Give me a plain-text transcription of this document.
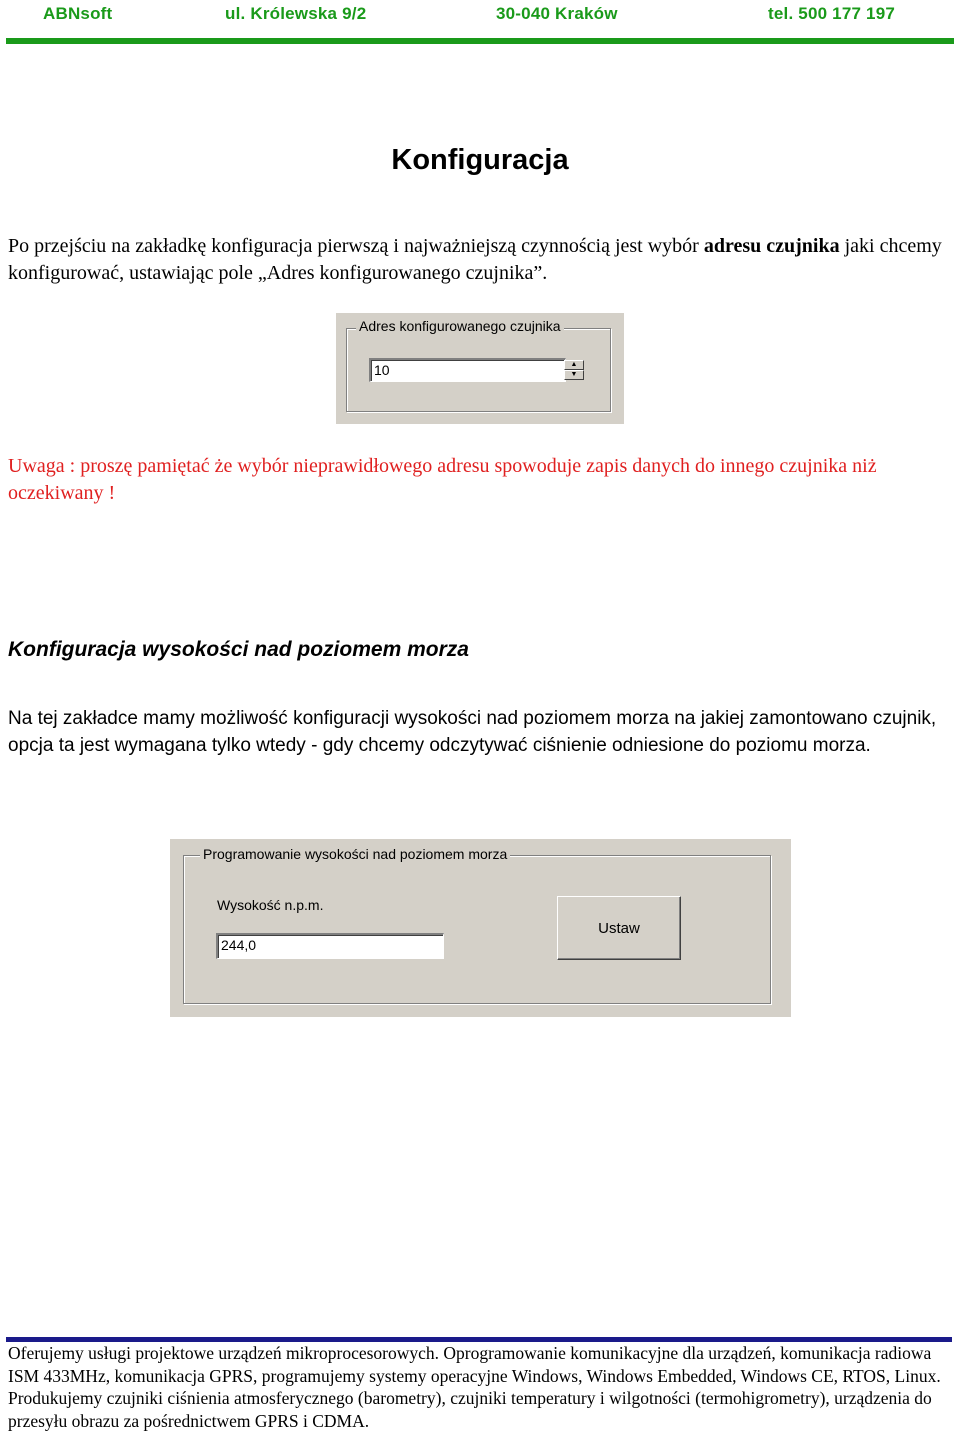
ABNsoft	ul. Królewska 9/2	30-040 Kraków	tel. 500 177 197
Konfiguracja

Po przejściu na zakładkę konfiguracja pierwszą i najważniejszą czynnością jest wybór adresu czujnika jaki chcemy konfigurować, ustawiając pole „Adres konfigurowanego czujnika”.

Adres konfigurowanego czujnika
10	▲
▼

Uwaga : proszę pamiętać że wybór nieprawidłowego adresu spowoduje zapis danych do innego czujnika niż oczekiwany !

Konfiguracja wysokości nad poziomem morza

Na tej zakładce mamy możliwość konfiguracji wysokości nad poziomem morza na jakiej zamontowano czujnik, opcja ta jest wymagana tylko wtedy - gdy chcemy odczytywać ciśnienie odniesione do poziomu morza.

Programowanie wysokości nad poziomem morza
Wysokość n.p.m.
244,0
Ustaw

Oferujemy usługi projektowe urządzeń mikroprocesorowych. Oprogramowanie komunikacyjne dla urządzeń, komunikacja radiowa ISM 433MHz, komunikacja GPRS, programujemy systemy operacyjne Windows, Windows Embedded, Windows CE, RTOS, Linux. Produkujemy czujniki ciśnienia atmosferycznego (barometry), czujniki temperatury i wilgotności (termohigrometry), urządzenia do przesyłu obrazu za pośrednictwem GPRS i CDMA.
